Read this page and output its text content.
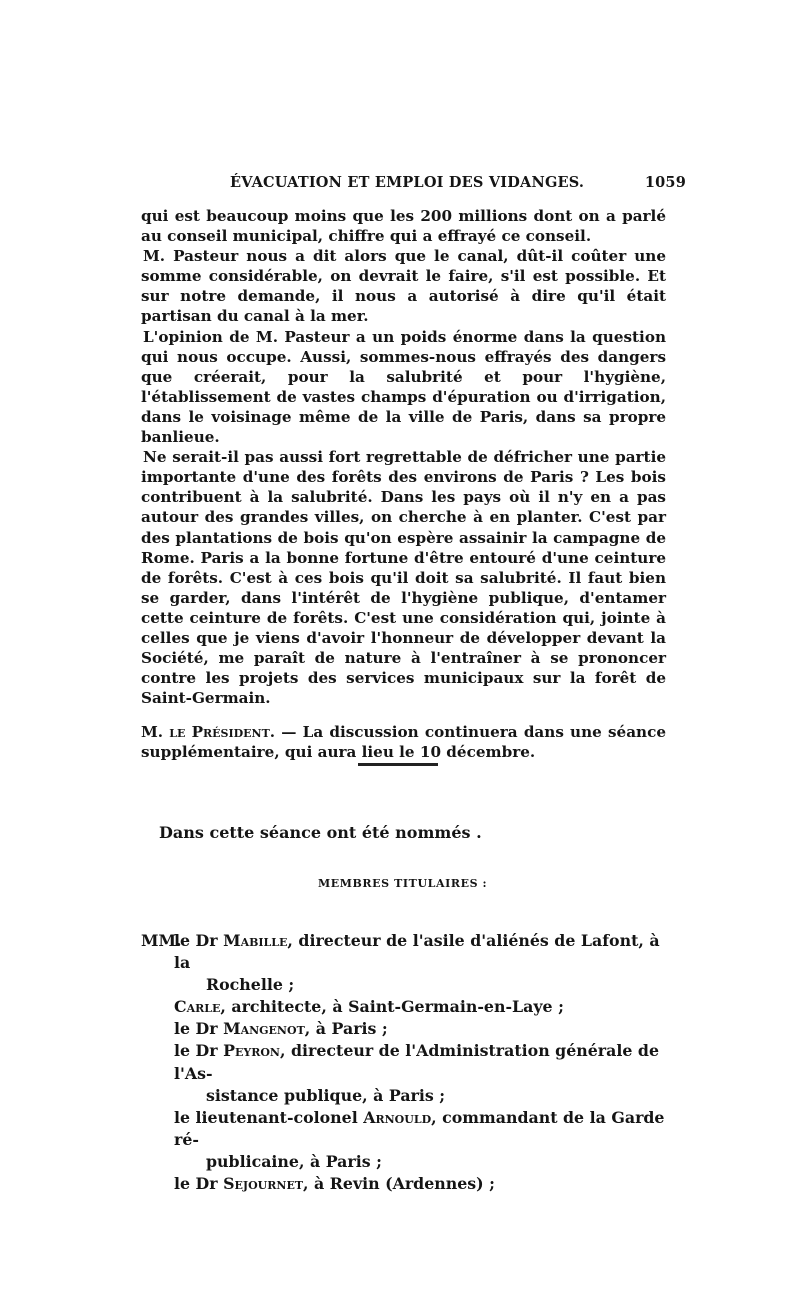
ÉVACUATION ET EMPLOI DES VIDANGES.	1059

qui est beaucoup moins que les 200 millions dont on a parlé au conseil municipal, chiffre qui a effrayé ce conseil.

M. Pasteur nous a dit alors que le canal, dût-il coûter une somme considérable, on devrait le faire, s'il est possible. Et sur notre demande, il nous a autorisé à dire qu'il était partisan du canal à la mer.

L'opinion de M. Pasteur a un poids énorme dans la question qui nous occupe. Aussi, sommes-nous effrayés des dangers que créerait, pour la salubrité et pour l'hygiène, l'établissement de vastes champs d'épuration ou d'irrigation, dans le voisinage même de la ville de Paris, dans sa propre banlieue.

Ne serait-il pas aussi fort regrettable de défricher une partie importante d'une des forêts des environs de Paris ? Les bois contribuent à la salubrité. Dans les pays où il n'y en a pas autour des grandes villes, on cherche à en planter. C'est par des plantations de bois qu'on espère assainir la campagne de Rome. Paris a la bonne fortune d'être entouré d'une ceinture de forêts. C'est à ces bois qu'il doit sa salubrité. Il faut bien se garder, dans l'intérêt de l'hygiène publique, d'entamer cette ceinture de forêts. C'est une considération qui, jointe à celles que je viens d'avoir l'honneur de développer devant la Société, me paraît de nature à l'entraîner à se prononcer contre les projets des services municipaux sur la forêt de Saint-Germain.

M. le Président. — La discussion continuera dans une séance supplémentaire, qui aura lieu le 10 décembre.

Dans cette séance ont été nommés .
MEMBRES TITULAIRES :
MM.
le Dr Mabille, directeur de l'asile d'aliénés de Lafont, à la
Rochelle ;
Carle, architecte, à Saint-Germain-en-Laye ;
le Dr Mangenot, à Paris ;
le Dr Peyron, directeur de l'Administration générale de l'As-
sistance publique, à Paris ;
le lieutenant-colonel Arnould, commandant de la Garde ré-
publicaine, à Paris ;
le Dr Sejournet, à Revin (Ardennes) ;
